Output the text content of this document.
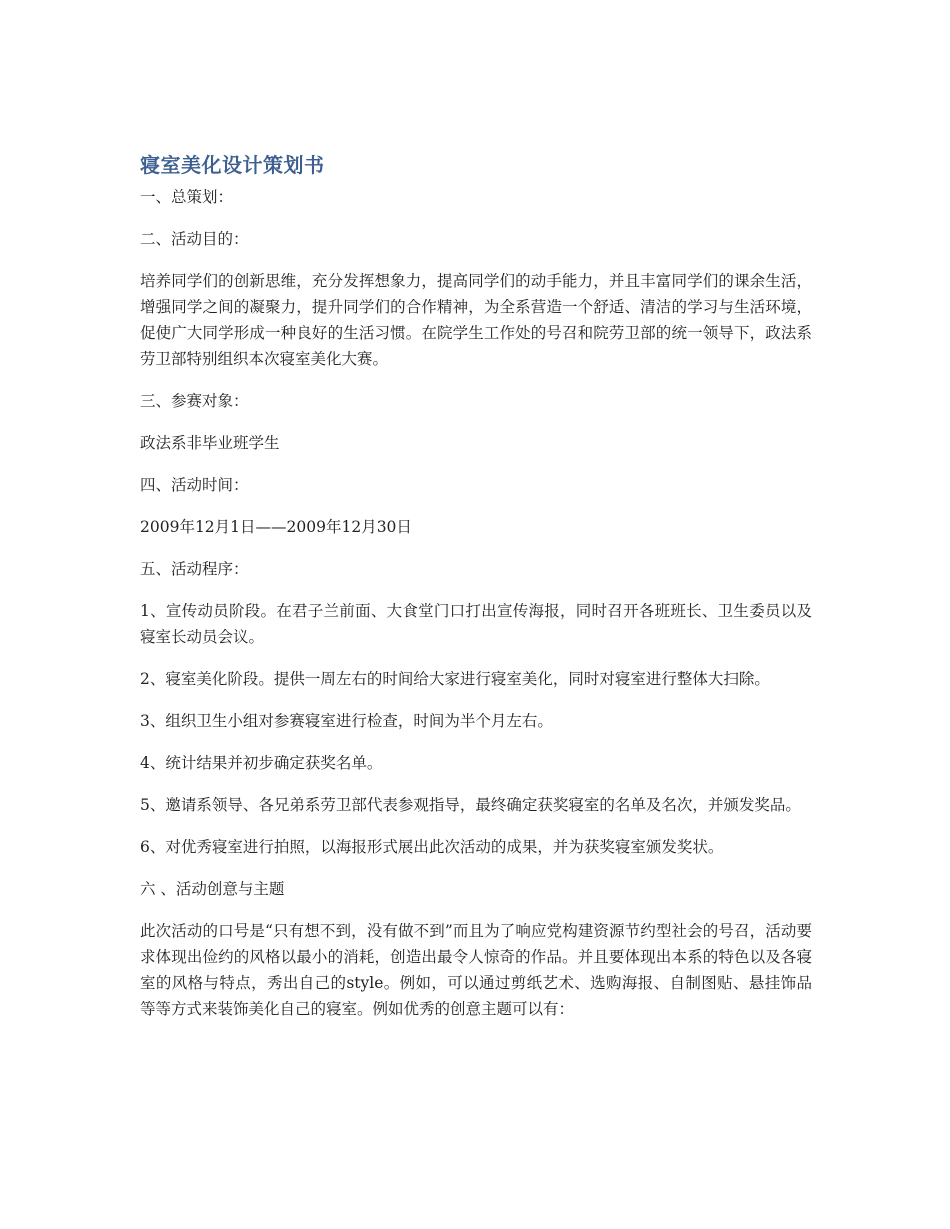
寝室美化设计策划书

一、总策划：

二、活动目的：

培养同学们的创新思维，充分发挥想象力，提高同学们的动手能力，并且丰富同学们的课余生活，增强同学之间的凝聚力，提升同学们的合作精神，为全系营造一个舒适、清洁的学习与生活环境，促使广大同学形成一种良好的生活习惯。在院学生工作处的号召和院劳卫部的统一领导下，政法系劳卫部特别组织本次寝室美化大赛。

三、参赛对象：

政法系非毕业班学生

四、活动时间：

2009年12月1日——2009年12月30日

五、活动程序：

1、宣传动员阶段。在君子兰前面、大食堂门口打出宣传海报，同时召开各班班长、卫生委员以及寝室长动员会议。

2、寝室美化阶段。提供一周左右的时间给大家进行寝室美化，同时对寝室进行整体大扫除。

3、组织卫生小组对参赛寝室进行检查，时间为半个月左右。

4、统计结果并初步确定获奖名单。

5、邀请系领导、各兄弟系劳卫部代表参观指导，最终确定获奖寝室的名单及名次，并颁发奖品。

6、对优秀寝室进行拍照，以海报形式展出此次活动的成果，并为获奖寝室颁发奖状。

六 、活动创意与主题

此次活动的口号是“只有想不到，没有做不到”而且为了响应党构建资源节约型社会的号召，活动要求体现出俭约的风格以最小的消耗，创造出最令人惊奇的作品。并且要体现出本系的特色以及各寝室的风格与特点，秀出自己的style。例如，可以通过剪纸艺术、选购海报、自制图贴、悬挂饰品等等方式来装饰美化自己的寝室。例如优秀的创意主题可以有：
